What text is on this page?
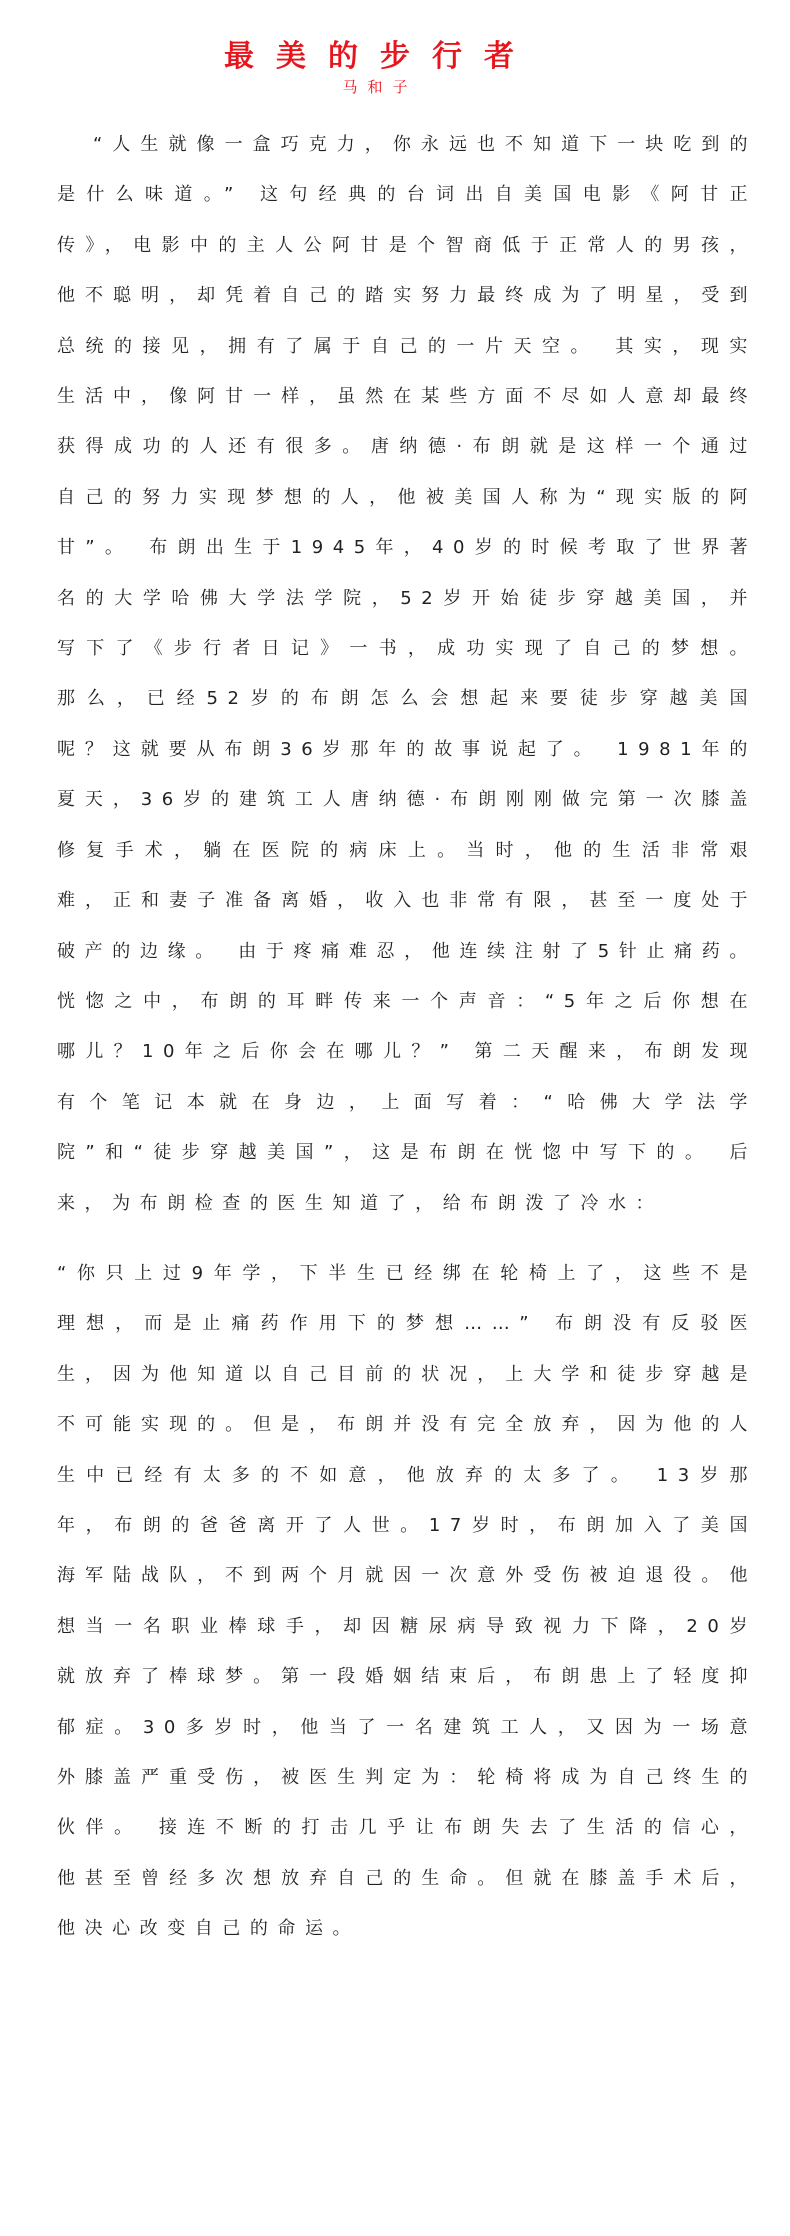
最美的步行者
马和子

“人生就像一盒巧克力，你永远也不知道下一块吃到的是什么味道。” 这句经典的台词出自美国电影《阿甘正传》，电影中的主人公阿甘是个智商低于正常人的男孩，他不聪明，却凭着自己的踏实努力最终成为了明星，受到总统的接见，拥有了属于自己的一片天空。 其实，现实生活中，像阿甘一样，虽然在某些方面不尽如人意却最终获得成功的人还有很多。唐纳德·布朗就是这样一个通过自己的努力实现梦想的人，他被美国人称为“现实版的阿甘”。 布朗出生于1945年，40岁的时候考取了世界著名的大学哈佛大学法学院，52岁开始徒步穿越美国，并写下了《步行者日记》一书，成功实现了自己的梦想。 那么，已经52岁的布朗怎么会想起来要徒步穿越美国呢？这就要从布朗36岁那年的故事说起了。 1981年的夏天，36岁的建筑工人唐纳德·布朗刚刚做完第一次膝盖修复手术，躺在医院的病床上。当时，他的生活非常艰难，正和妻子准备离婚，收入也非常有限，甚至一度处于破产的边缘。 由于疼痛难忍，他连续注射了5针止痛药。恍惚之中，布朗的耳畔传来一个声音：“5年之后你想在哪儿？10年之后你会在哪儿？” 第二天醒来，布朗发现有个笔记本就在身边，上面写着：“哈佛大学法学院”和“徒步穿越美国”，这是布朗在恍惚中写下的。 后来，为布朗检查的医生知道了，给布朗泼了冷水：

“你只上过9年学，下半生已经绑在轮椅上了，这些不是理想，而是止痛药作用下的梦想……” 布朗没有反驳医生，因为他知道以自己目前的状况，上大学和徒步穿越是不可能实现的。但是，布朗并没有完全放弃，因为他的人生中已经有太多的不如意，他放弃的太多了。 13岁那年，布朗的爸爸离开了人世。17岁时，布朗加入了美国海军陆战队，不到两个月就因一次意外受伤被迫退役。他想当一名职业棒球手，却因糖尿病导致视力下降，20岁就放弃了棒球梦。第一段婚姻结束后，布朗患上了轻度抑郁症。30多岁时，他当了一名建筑工人，又因为一场意外膝盖严重受伤，被医生判定为：轮椅将成为自己终生的伙伴。 接连不断的打击几乎让布朗失去了生活的信心，他甚至曾经多次想放弃自己的生命。但就在膝盖手术后，他决心改变自己的命运。
